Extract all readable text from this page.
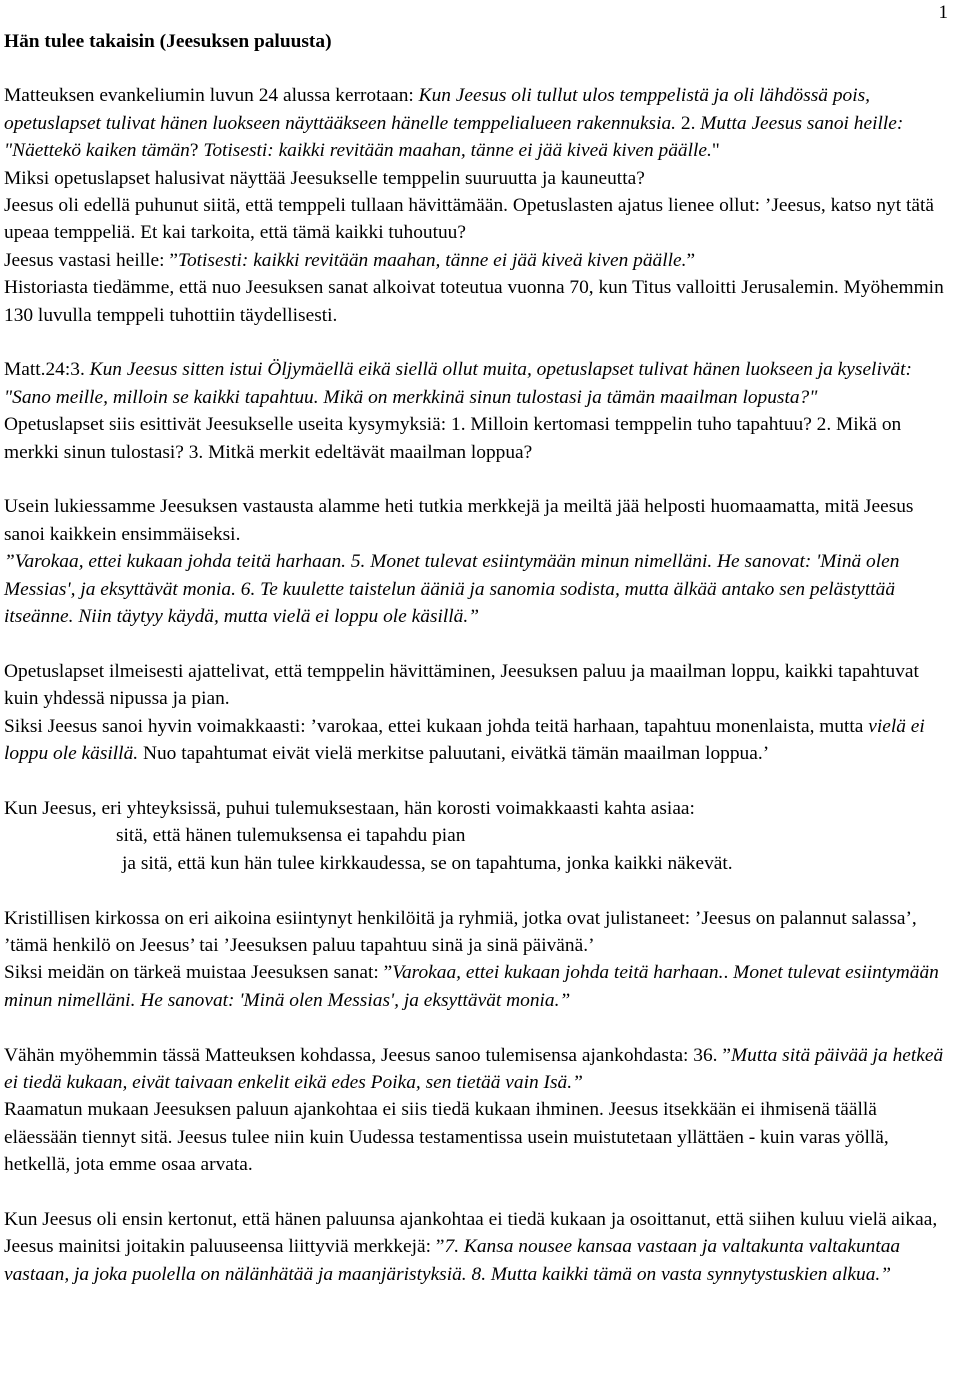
1
Hän tulee takaisin (Jeesuksen paluusta)

Matteuksen evankeliumin luvun 24 alussa kerrotaan: Kun Jeesus oli tullut ulos temppelistä ja oli lähdössä pois, opetuslapset tulivat hänen luokseen näyttääkseen hänelle temppelialueen rakennuksia. 2. Mutta Jeesus sanoi heille: "Näettekö kaiken tämän? Totisesti: kaikki revitään maahan, tänne ei jää kiveä kiven päälle."

Miksi opetuslapset halusivat näyttää Jeesukselle temppelin suuruutta ja kauneutta?

Jeesus oli edellä puhunut siitä, että temppeli tullaan hävittämään. Opetuslasten ajatus lienee ollut: ’Jeesus, katso nyt tätä upeaa temppeliä. Et kai tarkoita, että tämä kaikki tuhoutuu?

Jeesus vastasi heille: ”Totisesti: kaikki revitään maahan, tänne ei jää kiveä kiven päälle.”

Historiasta tiedämme, että nuo Jeesuksen sanat alkoivat toteutua vuonna 70, kun Titus valloitti Jerusalemin. Myöhemmin 130 luvulla temppeli tuhottiin täydellisesti.

Matt.24:3. Kun Jeesus sitten istui Öljymäellä eikä siellä ollut muita, opetuslapset tulivat hänen luokseen ja kyselivät: "Sano meille, milloin se kaikki tapahtuu. Mikä on merkkinä sinun tulostasi ja tämän maailman lopusta?"

Opetuslapset siis esittivät Jeesukselle useita kysymyksiä: 1. Milloin kertomasi temppelin tuho tapahtuu? 2. Mikä on merkki sinun tulostasi? 3. Mitkä merkit edeltävät maailman loppua?

Usein lukiessamme Jeesuksen vastausta alamme heti tutkia merkkejä ja meiltä jää helposti huomaamatta, mitä Jeesus sanoi kaikkein ensimmäiseksi.

”Varokaa, ettei kukaan johda teitä harhaan. 5. Monet tulevat esiintymään minun nimelläni. He sanovat: 'Minä olen Messias', ja eksyttävät monia. 6. Te kuulette taistelun ääniä ja sanomia sodista, mutta älkää antako sen pelästyttää itseänne. Niin täytyy käydä, mutta vielä ei loppu ole käsillä.”

Opetuslapset ilmeisesti ajattelivat, että temppelin hävittäminen, Jeesuksen paluu ja maailman loppu, kaikki tapahtuvat kuin yhdessä nipussa ja pian.

Siksi Jeesus sanoi hyvin voimakkaasti: ’varokaa, ettei kukaan johda teitä harhaan, tapahtuu monenlaista, mutta vielä ei loppu ole käsillä. Nuo tapahtumat eivät vielä merkitse paluutani, eivätkä tämän maailman loppua.’

Kun Jeesus, eri yhteyksissä, puhui tulemuksestaan, hän korosti voimakkaasti kahta asiaa:

sitä, että hänen tulemuksensa ei tapahdu pian

ja sitä, että kun hän tulee kirkkaudessa, se on tapahtuma, jonka kaikki näkevät.

Kristillisen kirkossa on eri aikoina esiintynyt henkilöitä ja ryhmiä, jotka ovat julistaneet: ’Jeesus on palannut salassa’, ’tämä henkilö on Jeesus’ tai ’Jeesuksen paluu tapahtuu sinä ja sinä päivänä.’

Siksi meidän on tärkeä muistaa Jeesuksen sanat: ”Varokaa, ettei kukaan johda teitä harhaan.. Monet tulevat esiintymään minun nimelläni. He sanovat: 'Minä olen Messias', ja eksyttävät monia.”

Vähän myöhemmin tässä Matteuksen kohdassa, Jeesus sanoo tulemisensa ajankohdasta: 36. ”Mutta sitä päivää ja hetkeä ei tiedä kukaan, eivät taivaan enkelit eikä edes Poika, sen tietää vain Isä.”

Raamatun mukaan Jeesuksen paluun ajankohtaa ei siis tiedä kukaan ihminen. Jeesus itsekkään ei ihmisenä täällä eläessään tiennyt sitä. Jeesus tulee niin kuin Uudessa testamentissa usein muistutetaan yllättäen - kuin varas yöllä, hetkellä, jota emme osaa arvata.

Kun Jeesus oli ensin kertonut, että hänen paluunsa ajankohtaa ei tiedä kukaan ja osoittanut, että siihen kuluu vielä aikaa, Jeesus mainitsi joitakin paluuseensa liittyviä merkkejä: ”7. Kansa nousee kansaa vastaan ja valtakunta valtakuntaa vastaan, ja joka puolella on nälänhätää ja maanjäristyksiä. 8. Mutta kaikki tämä on vasta synnytystuskien alkua.”
